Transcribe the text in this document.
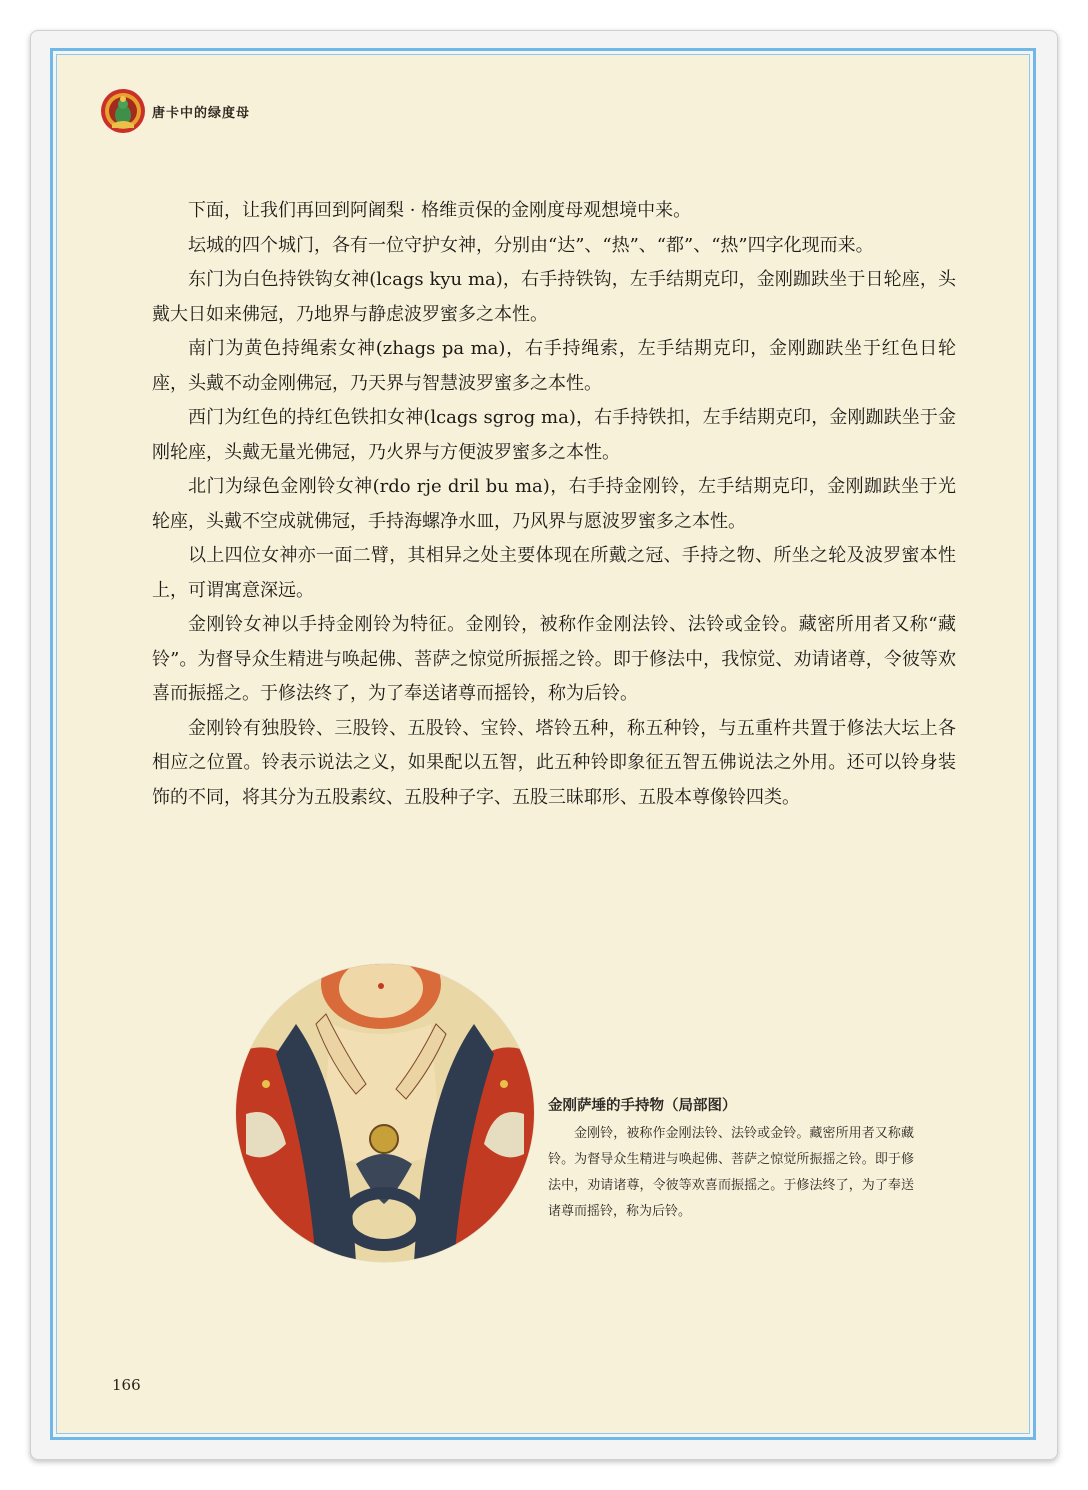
唐卡中的绿度母

下面，让我们再回到阿阇梨 · 格维贡保的金刚度母观想境中来。

坛城的四个城门，各有一位守护女神，分别由“达”、“热”、“都”、“热”四字化现而来。

东门为白色持铁钩女神(lcags kyu ma)，右手持铁钩，左手结期克印，金刚跏趺坐于日轮座，头戴大日如来佛冠，乃地界与静虑波罗蜜多之本性。

南门为黄色持绳索女神(zhags pa ma)，右手持绳索，左手结期克印，金刚跏趺坐于红色日轮座，头戴不动金刚佛冠，乃天界与智慧波罗蜜多之本性。

西门为红色的持红色铁扣女神(lcags sgrog ma)，右手持铁扣，左手结期克印，金刚跏趺坐于金刚轮座，头戴无量光佛冠，乃火界与方便波罗蜜多之本性。

北门为绿色金刚铃女神(rdo rje dril bu ma)，右手持金刚铃，左手结期克印，金刚跏趺坐于光轮座，头戴不空成就佛冠，手持海螺净水皿，乃风界与愿波罗蜜多之本性。

以上四位女神亦一面二臂，其相异之处主要体现在所戴之冠、手持之物、所坐之轮及波罗蜜本性上，可谓寓意深远。

金刚铃女神以手持金刚铃为特征。金刚铃，被称作金刚法铃、法铃或金铃。藏密所用者又称“藏铃”。为督导众生精进与唤起佛、菩萨之惊觉所振摇之铃。即于修法中，我惊觉、劝请诸尊，令彼等欢喜而振摇之。于修法终了，为了奉送诸尊而摇铃，称为后铃。

金刚铃有独股铃、三股铃、五股铃、宝铃、塔铃五种，称五种铃，与五重杵共置于修法大坛上各相应之位置。铃表示说法之义，如果配以五智，此五种铃即象征五智五佛说法之外用。还可以铃身装饰的不同，将其分为五股素纹、五股种子字、五股三昧耶形、五股本尊像铃四类。

金刚萨埵的手持物（局部图）

金刚铃，被称作金刚法铃、法铃或金铃。藏密所用者又称藏铃。为督导众生精进与唤起佛、菩萨之惊觉所振摇之铃。即于修法中，劝请诸尊，令彼等欢喜而振摇之。于修法终了，为了奉送诸尊而摇铃，称为后铃。

166
